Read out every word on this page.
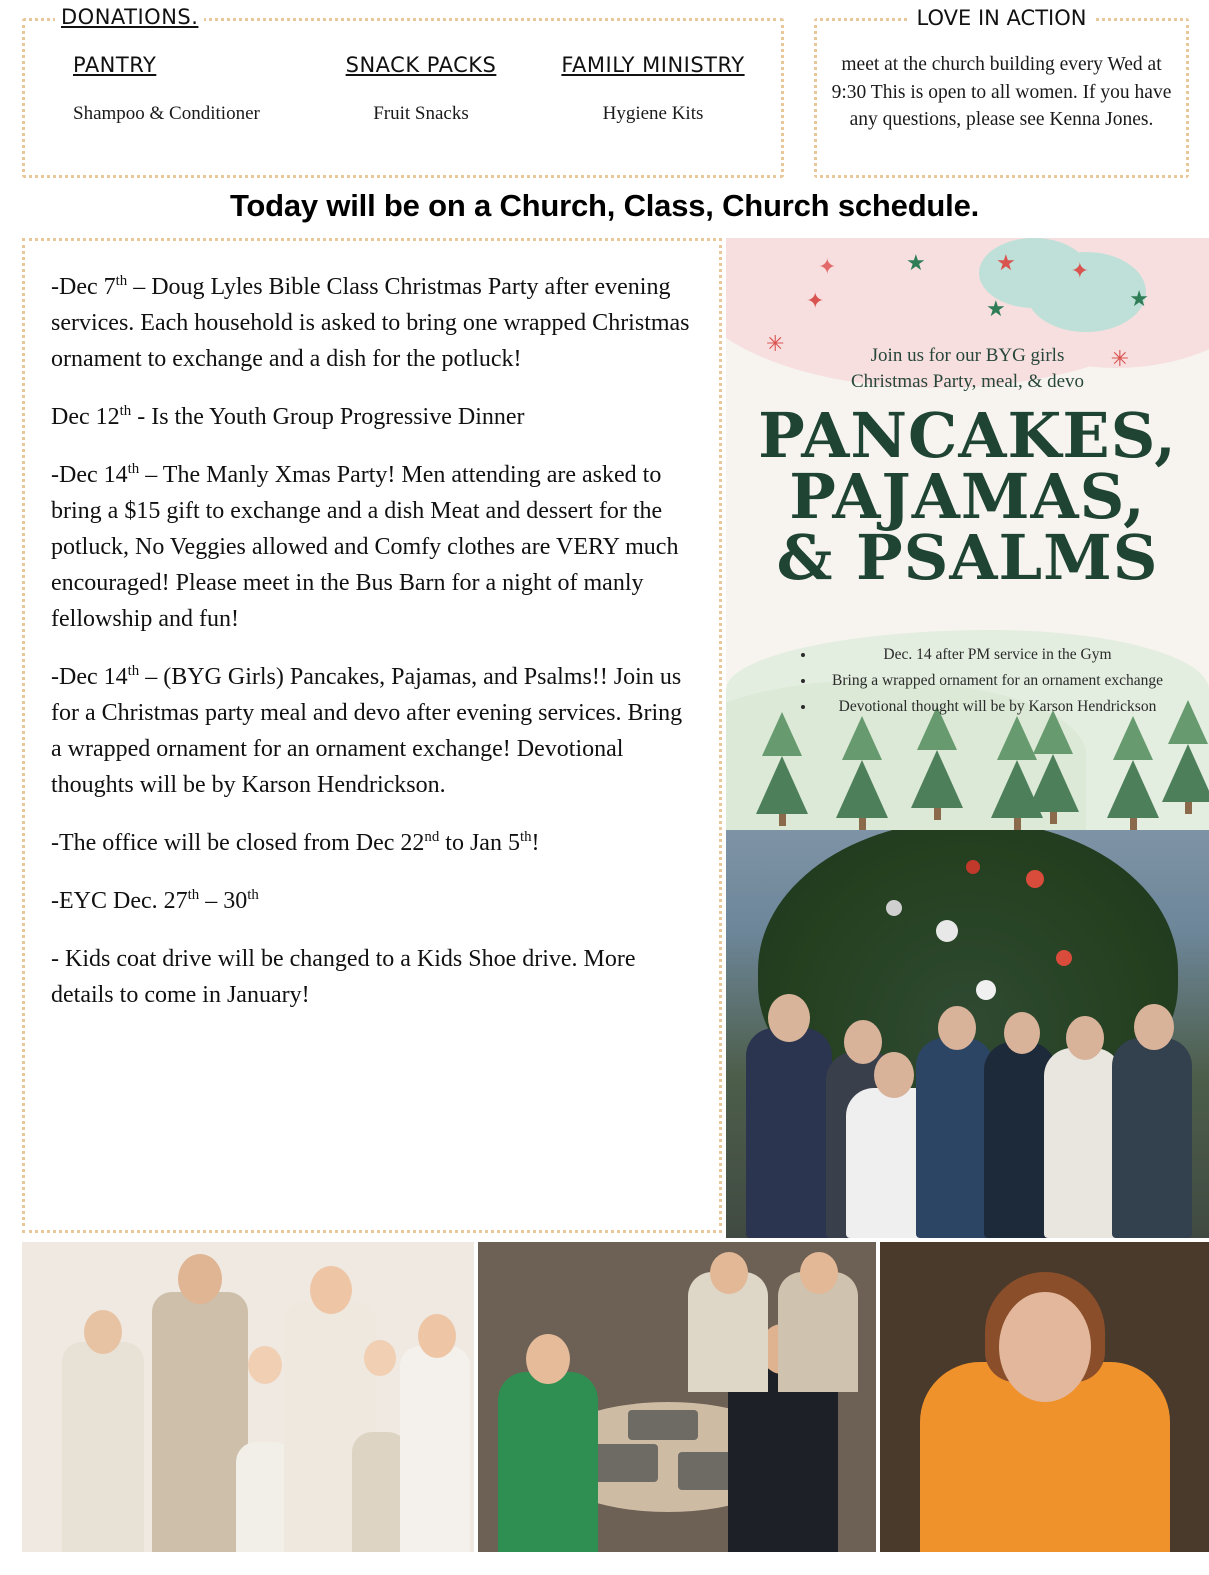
DONATIONS.
PANTRY
Shampoo & Conditioner
SNACK PACKS
Fruit Snacks
FAMILY MINISTRY
Hygiene Kits
LOVE IN ACTION
meet at the church building every Wed at 9:30 This is open to all women. If you have any questions, please see Kenna Jones.
Today will be on a Church, Class, Church schedule.

-Dec 7th – Doug Lyles Bible Class Christmas Party after evening services. Each household is asked to bring one wrapped Christmas ornament to exchange and a dish for the potluck!

Dec 12th - Is the Youth Group Progressive Dinner

-Dec 14th – The Manly Xmas Party! Men attending are asked to bring a $15 gift to exchange and a dish Meat and dessert for the potluck, No Veggies allowed and Comfy clothes are VERY much encouraged! Please meet in the Bus Barn for a night of manly fellowship and fun!

-Dec 14th – (BYG Girls) Pancakes, Pajamas, and Psalms!! Join us for a Christmas party meal and devo after evening services. Bring a wrapped ornament for an ornament exchange! Devotional thoughts will be by Karson Hendrickson.

-The office will be closed from Dec 22nd to Jan 5th!

-EYC Dec. 27th – 30th

- Kids coat drive will be changed to a Kids Shoe drive. More details to come in January!

✦	★
✦	★
★ ✦
★
✳
✳
Join us for our BYG girls
Christmas Party, meal, & devo
PANCAKES,
PAJAMAS,
& PSALMS
• Dec. 14 after PM service in the Gym
• Bring a wrapped ornament for an ornament exchange
• Devotional thought will be by Karson Hendrickson
